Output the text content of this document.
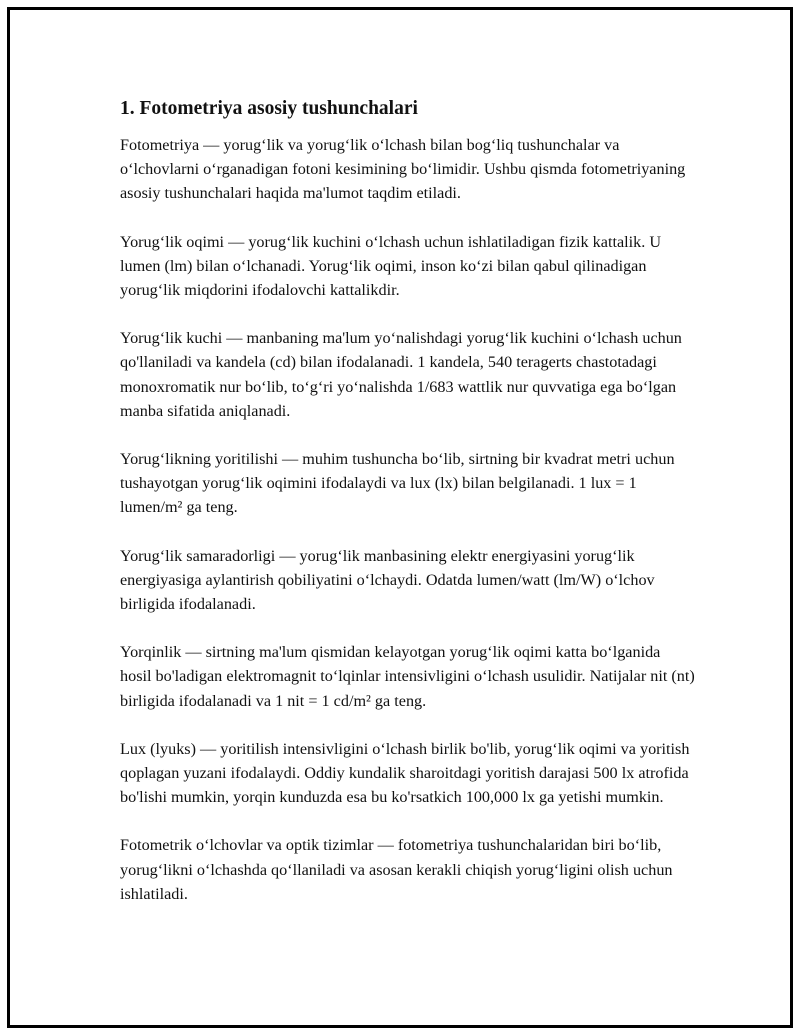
1. Fotometriya asosiy tushunchalari

Fotometriya — yorug‘lik va yorug‘lik o‘lchash bilan bog‘liq tushunchalar va o‘lchovlarni o‘rganadigan fotoni kesimining bo‘limidir. Ushbu qismda fotometriyaning asosiy tushunchalari haqida ma'lumot taqdim etiladi.

Yorug‘lik oqimi — yorug‘lik kuchini o‘lchash uchun ishlatiladigan fizik kattalik. U lumen (lm) bilan o‘lchanadi. Yorug‘lik oqimi, inson ko‘zi bilan qabul qilinadigan yorug‘lik miqdorini ifodalovchi kattalikdir.

Yorug‘lik kuchi — manbaning ma'lum yo‘nalishdagi yorug‘lik kuchini o‘lchash uchun qo'llaniladi va kandela (cd) bilan ifodalanadi. 1 kandela, 540 teragerts chastotadagi monoxromatik nur bo‘lib, to‘g‘ri yo‘nalishda 1/683 wattlik nur quvvatiga ega bo‘lgan manba sifatida aniqlanadi.

Yorug‘likning yoritilishi — muhim tushuncha bo‘lib, sirtning bir kvadrat metri uchun tushayotgan yorug‘lik oqimini ifodalaydi va lux (lx) bilan belgilanadi. 1 lux = 1 lumen/m² ga teng.

Yorug‘lik samaradorligi — yorug‘lik manbasining elektr energiyasini yorug‘lik energiyasiga aylantirish qobiliyatini o‘lchaydi. Odatda lumen/watt (lm/W) o‘lchov birligida ifodalanadi.

Yorqinlik — sirtning ma'lum qismidan kelayotgan yorug‘lik oqimi katta bo‘lganida hosil bo'ladigan elektromagnit to‘lqinlar intensivligini o‘lchash usulidir. Natijalar nit (nt) birligida ifodalanadi va 1 nit = 1 cd/m² ga teng.

Lux (lyuks) — yoritilish intensivligini o‘lchash birlik bo'lib, yorug‘lik oqimi va yoritish qoplagan yuzani ifodalaydi. Oddiy kundalik sharoitdagi yoritish darajasi 500 lx atrofida bo'lishi mumkin, yorqin kunduzda esa bu ko'rsatkich 100,000 lx ga yetishi mumkin.

Fotometrik o‘lchovlar va optik tizimlar — fotometriya tushunchalaridan biri bo‘lib, yorug‘likni o‘lchashda qo‘llaniladi va asosan kerakli chiqish yorug‘ligini olish uchun ishlatiladi.
